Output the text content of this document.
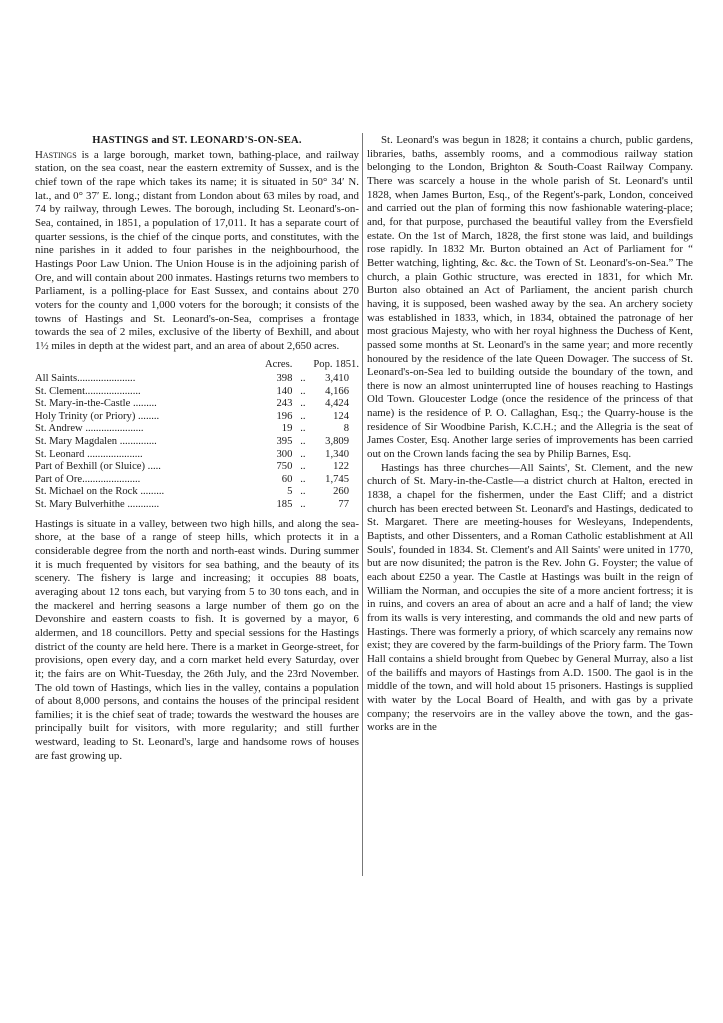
HASTINGS and ST. LEONARD'S-ON-SEA.

Hastings is a large borough, market town, bathing-place, and railway station, on the sea coast, near the eastern extremity of Sussex, and is the chief town of the rape which takes its name; it is situated in 50° 34′ N. lat., and 0° 37′ E. long.; distant from London about 63 miles by road, and 74 by railway, through Lewes. The borough, including St. Leonard's-on-Sea, contained, in 1851, a population of 17,011. It has a separate court of quarter sessions, is the chief of the cinque ports, and constitutes, with the nine parishes in it added to four parishes in the neighbourhood, the Hastings Poor Law Union. The Union House is in the adjoining parish of Ore, and will contain about 200 inmates. Hastings returns two members to Parliament, is a polling-place for East Sussex, and contains about 270 voters for the county and 1,000 voters for the borough; it consists of the towns of Hastings and St. Leonard's-on-Sea, comprises a frontage towards the sea of 2 miles, exclusive of the liberty of Bexhill, and about 1½ miles in depth at the widest part, and an area of about 2,650 acres.

	Acres.		Pop. 1851.
All Saints......................	398	..	3,410
St. Clement.....................	140	..	4,166
St. Mary-in-the-Castle .........	243	..	4,424
Holy Trinity (or Priory) ........	196	..	124
St. Andrew ......................	19	..	8
St. Mary Magdalen ..............	395	..	3,809
St. Leonard .....................	300	..	1,340
Part of Bexhill (or Sluice) .....	750	..	122
Part of Ore......................	60	..	1,745
St. Michael on the Rock .........	5	..	260
St. Mary Bulverhithe ............	185	..	77

Hastings is situate in a valley, between two high hills, and along the sea-shore, at the base of a range of steep hills, which protects it in a considerable degree from the north and north-east winds. During summer it is much frequented by visitors for sea bathing, and the beauty of its scenery. The fishery is large and increasing; it occupies 88 boats, averaging about 12 tons each, but varying from 5 to 30 tons each, and in the mackerel and herring seasons a large number of them go on the Devonshire and eastern coasts to fish. It is governed by a mayor, 6 aldermen, and 18 councillors. Petty and special sessions for the Hastings district of the county are held here. There is a market in George-street, for provisions, open every day, and a corn market held every Saturday, over it; the fairs are on Whit-Tuesday, the 26th July, and the 23rd November. The old town of Hastings, which lies in the valley, contains a population of about 8,000 persons, and contains the houses of the principal resident families; it is the chief seat of trade; towards the westward the houses are principally built for visitors, with more regularity; and still further westward, leading to St. Leonard's, large and handsome rows of houses are fast growing up.

St. Leonard's was begun in 1828; it contains a church, public gardens, libraries, baths, assembly rooms, and a commodious railway station belonging to the London, Brighton & South-Coast Railway Company. There was scarcely a house in the whole parish of St. Leonard's until 1828, when James Burton, Esq., of the Regent's-park, London, conceived and carried out the plan of forming this now fashionable watering-place; and, for that purpose, purchased the beautiful valley from the Eversfield estate. On the 1st of March, 1828, the first stone was laid, and buildings rose rapidly. In 1832 Mr. Burton obtained an Act of Parliament for “ Better watching, lighting, &c. &c. the Town of St. Leonard's-on-Sea.” The church, a plain Gothic structure, was erected in 1831, for which Mr. Burton also obtained an Act of Parliament, the ancient parish church having, it is supposed, been washed away by the sea. An archery society was established in 1833, which, in 1834, obtained the patronage of her most gracious Majesty, who with her royal highness the Duchess of Kent, passed some months at St. Leonard's in the same year; and more recently honoured by the residence of the late Queen Dowager. The success of St. Leonard's-on-Sea led to building outside the boundary of the town, and there is now an almost uninterrupted line of houses reaching to Hastings Old Town. Gloucester Lodge (once the residence of the princess of that name) is the residence of P. O. Callaghan, Esq.; the Quarry-house is the residence of Sir Woodbine Parish, K.C.H.; and the Allegria is the seat of James Coster, Esq. Another large series of improvements has been carried out on the Crown lands facing the sea by Philip Barnes, Esq.

Hastings has three churches—All Saints', St. Clement, and the new church of St. Mary-in-the-Castle—a district church at Halton, erected in 1838, a chapel for the fishermen, under the East Cliff; and a district church has been erected between St. Leonard's and Hastings, dedicated to St. Margaret. There are meeting-houses for Wesleyans, Independents, Baptists, and other Dissenters, and a Roman Catholic establishment at All Souls', founded in 1834. St. Clement's and All Saints' were united in 1770, but are now disunited; the patron is the Rev. John G. Foyster; the value of each about £250 a year. The Castle at Hastings was built in the reign of William the Norman, and occupies the site of a more ancient fortress; it is in ruins, and covers an area of about an acre and a half of land; the view from its walls is very interesting, and commands the old and new parts of Hastings. There was formerly a priory, of which scarcely any remains now exist; they are covered by the farm-buildings of the Priory farm. The Town Hall contains a shield brought from Quebec by General Murray, also a list of the bailiffs and mayors of Hastings from A.D. 1500. The gaol is in the middle of the town, and will hold about 15 prisoners. Hastings is supplied with water by the Local Board of Health, and with gas by a private company; the reservoirs are in the valley above the town, and the gas-works are in the
